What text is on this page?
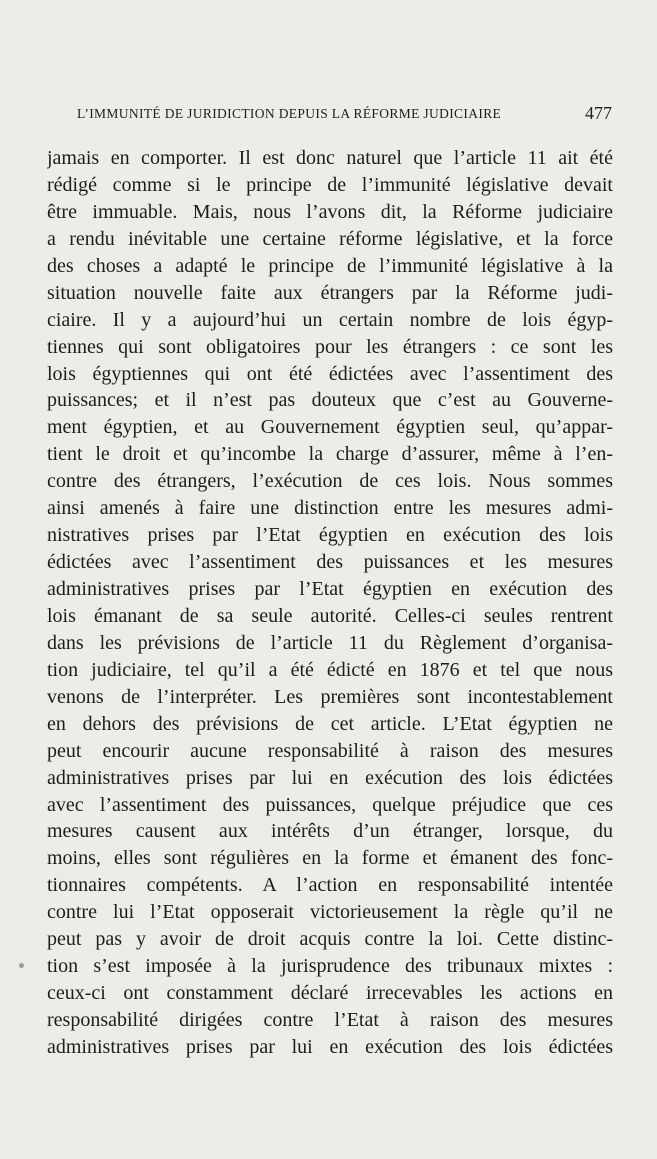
L’IMMUNITÉ DE JURIDICTION DEPUIS LA RÉFORME JUDICIAIRE	477
jamais en comporter. Il est donc naturel que l’article 11 ait été
rédigé comme si le principe de l’immunité législative devait
être immuable. Mais, nous l’avons dit, la Réforme judiciaire
a rendu inévitable une certaine réforme législative, et la force
des choses a adapté le principe de l’immunité législative à la
situation nouvelle faite aux étrangers par la Réforme judi-
ciaire. Il y a aujourd’hui un certain nombre de lois égyp-
tiennes qui sont obligatoires pour les étrangers : ce sont les
lois égyptiennes qui ont été édictées avec l’assentiment des
puissances; et il n’est pas douteux que c’est au Gouverne-
ment égyptien, et au Gouvernement égyptien seul, qu’appar-
tient le droit et qu’incombe la charge d’assurer, même à l’en-
contre des étrangers, l’exécution de ces lois. Nous sommes
ainsi amenés à faire une distinction entre les mesures admi-
nistratives prises par l’Etat égyptien en exécution des lois
édictées avec l’assentiment des puissances et les mesures
administratives prises par l’Etat égyptien en exécution des
lois émanant de sa seule autorité. Celles-ci seules rentrent
dans les prévisions de l’article 11 du Règlement d’organisa-
tion judiciaire, tel qu’il a été édicté en 1876 et tel que nous
venons de l’interpréter. Les premières sont incontestablement
en dehors des prévisions de cet article. L’Etat égyptien ne
peut encourir aucune responsabilité à raison des mesures
administratives prises par lui en exécution des lois édictées
avec l’assentiment des puissances, quelque préjudice que ces
mesures causent aux intérêts d’un étranger, lorsque, du
moins, elles sont régulières en la forme et émanent des fonc-
tionnaires compétents. A l’action en responsabilité intentée
contre lui l’Etat opposerait victorieusement la règle qu’il ne
peut pas y avoir de droit acquis contre la loi. Cette distinc-
tion s’est imposée à la jurisprudence des tribunaux mixtes :
ceux-ci ont constamment déclaré irrecevables les actions en
responsabilité dirigées contre l’Etat à raison des mesures
administratives prises par lui en exécution des lois édictées
